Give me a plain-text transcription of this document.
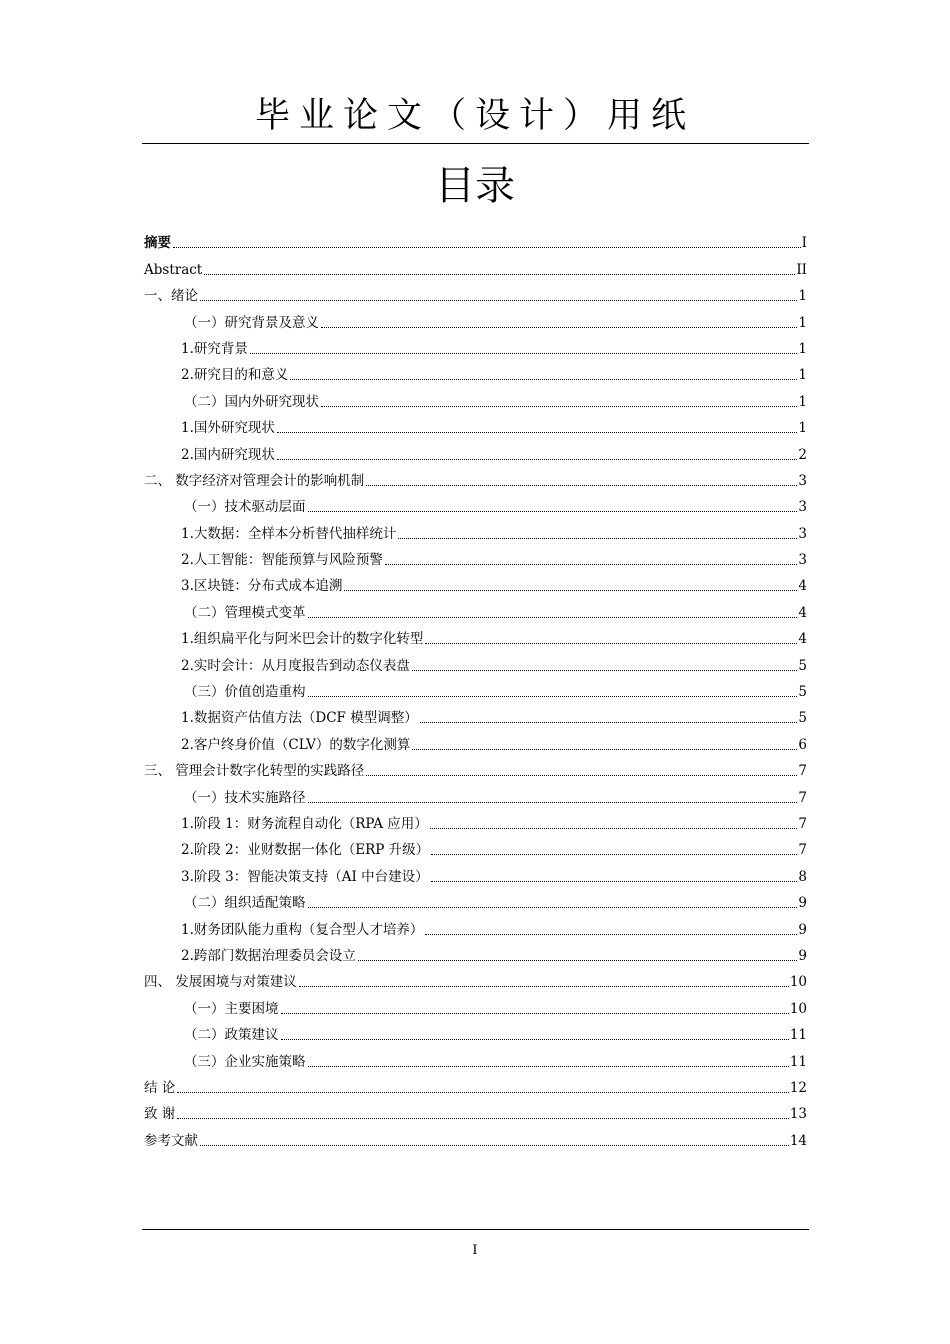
毕业论文（设计）用纸
目录
摘要	I
Abstract	II
一、绪论	1
（一）研究背景及意义	1
1.研究背景	1
2.研究目的和意义	1
（二）国内外研究现状	1
1.国外研究现状	1
2.国内研究现状	2
二、 数字经济对管理会计的影响机制	3
（一）技术驱动层面	3
1.大数据：全样本分析替代抽样统计	3
2.人工智能：智能预算与风险预警	3
3.区块链：分布式成本追溯	4
（二）管理模式变革	4
1.组织扁平化与阿米巴会计的数字化转型	4
2.实时会计：从月度报告到动态仪表盘	5
（三）价值创造重构	5
1.数据资产估值方法（DCF 模型调整）	5
2.客户终身价值（CLV）的数字化测算	6
三、 管理会计数字化转型的实践路径	7
（一）技术实施路径	7
1.阶段 1：财务流程自动化（RPA 应用）	7
2.阶段 2：业财数据一体化（ERP 升级）	7
3.阶段 3：智能决策支持（AI 中台建设）	8
（二）组织适配策略	9
1.财务团队能力重构（复合型人才培养）	9
2.跨部门数据治理委员会设立	9
四、 发展困境与对策建议	10
（一）主要困境	10
（二）政策建议	11
（三）企业实施策略	11
结 论	12
致 谢	13
参考文献	14
I
